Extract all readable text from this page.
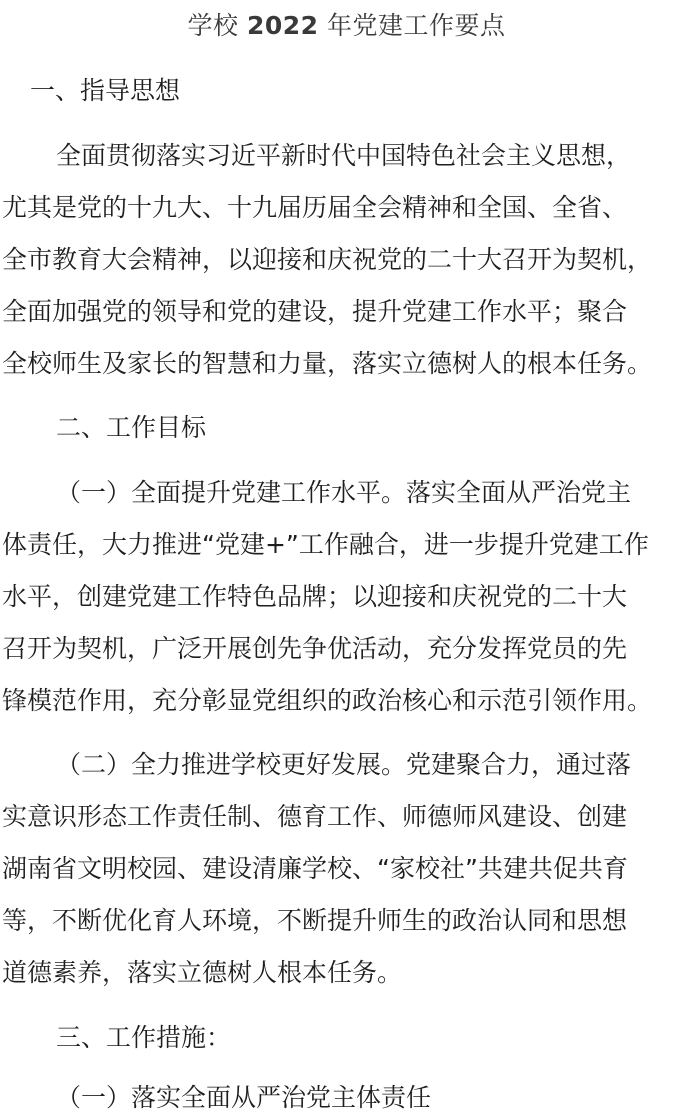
学校 2022 年党建工作要点
一、指导思想
全面贯彻落实习近平新时代中国特色社会主义思想，
尤其是党的十九大、十九届历届全会精神和全国、全省、
全市教育大会精神，以迎接和庆祝党的二十大召开为契机，
全面加强党的领导和党的建设，提升党建工作水平；聚合
全校师生及家长的智慧和力量，落实立德树人的根本任务。
二、工作目标
（一）全面提升党建工作水平。落实全面从严治党主
体责任，大力推进“党建+”工作融合，进一步提升党建工作
水平，创建党建工作特色品牌；以迎接和庆祝党的二十大
召开为契机，广泛开展创先争优活动，充分发挥党员的先
锋模范作用，充分彰显党组织的政治核心和示范引领作用。
（二）全力推进学校更好发展。党建聚合力，通过落
实意识形态工作责任制、德育工作、师德师风建设、创建
湖南省文明校园、建设清廉学校、“家校社”共建共促共育
等，不断优化育人环境，不断提升师生的政治认同和思想
道德素养，落实立德树人根本任务。
三、工作措施：
（一）落实全面从严治党主体责任
